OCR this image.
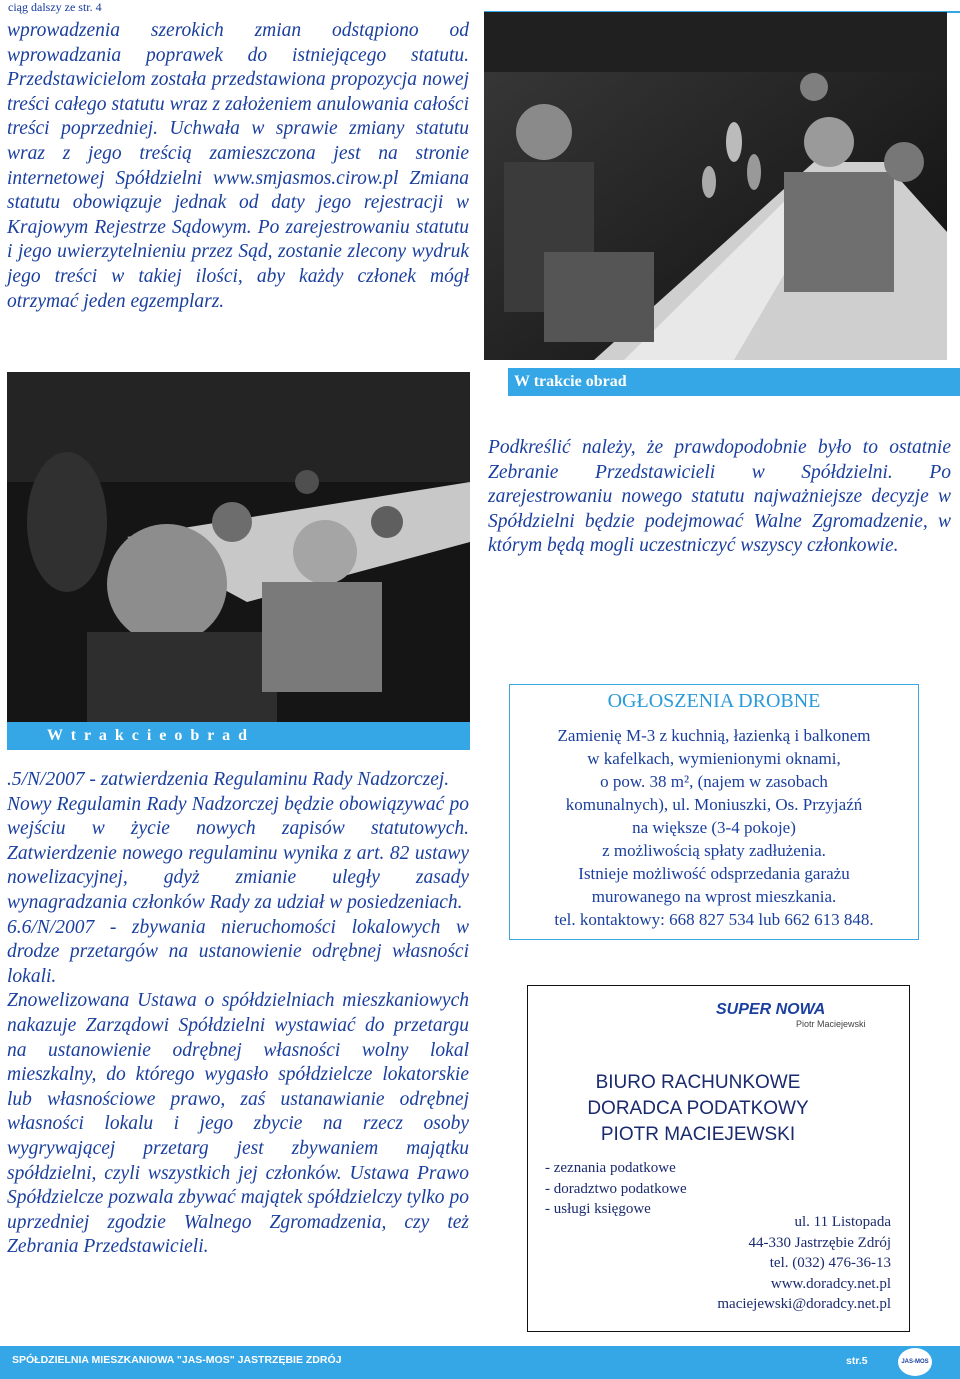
ciąg dalszy ze str. 4

wprowadzenia szerokich zmian odstąpiono od wprowadzania poprawek do istniejącego statutu. Przedstawicielom została przedstawiona propozycja nowej treści całego statutu wraz z założeniem anulowania całości treści poprzedniej. Uchwała w sprawie zmiany statutu wraz z jego treścią zamieszczona jest na stronie internetowej Spółdzielni www.smjasmos.cirow.pl Zmiana statutu obowiązuje jednak od daty jego rejestracji w Krajowym Rejestrze Sądowym. Po zarejestrowaniu statutu i jego uwierzytelnieniu przez Sąd, zostanie zlecony wydruk jego treści w takiej ilości, aby każdy członek mógł otrzymać jeden egzemplarz.

W trakcie obrad
W t r a k c i e o b r a d

Podkreślić należy, że prawdopodobnie było to ostatnie Zebranie Przedstawicieli w Spółdzielni. Po zarejestrowaniu nowego statutu najważniejsze decyzje w Spółdzielni będzie podejmować Walne Zgromadzenie, w którym będą mogli uczestniczyć wszyscy członkowie.

.5/N/2007 - zatwierdzenia Regulaminu Rady Nadzorczej.

Nowy Regulamin Rady Nadzorczej będzie obowiązywać po wejściu w życie nowych zapisów statutowych. Zatwierdzenie nowego regulaminu wynika z art. 82 ustawy nowelizacyjnej, gdyż zmianie uległy zasady wynagradzania członków Rady za udział w posiedzeniach.

6.6/N/2007 - zbywania nieruchomości lokalowych w drodze przetargów na ustanowienie odrębnej własności lokali.

Znowelizowana Ustawa o spółdzielniach mieszkaniowych nakazuje Zarządowi Spółdzielni wystawiać do przetargu na ustanowienie odrębnej własności wolny lokal mieszkalny, do którego wygasło spółdzielcze lokatorskie lub własnościowe prawo, zaś ustanawianie odrębnej własności lokalu i jego zbycie na rzecz osoby wygrywającej przetarg jest zbywaniem majątku spółdzielni, czyli wszystkich jej członków. Ustawa Prawo Spółdzielcze pozwala zbywać majątek spółdzielczy tylko po uprzedniej zgodzie Walnego Zgromadzenia, czy też Zebrania Przedstawicieli.

OGŁOSZENIA DROBNE
Zamienię M-3 z kuchnią, łazienką i balkonem
w kafelkach, wymienionymi oknami,
o pow. 38 m², (najem w zasobach
komunalnych), ul. Moniuszki, Os. Przyjaźń
na większe (3-4 pokoje)
z możliwością spłaty zadłużenia.
Istnieje możliwość odsprzedania garażu
murowanego na wprost mieszkania.
tel. kontaktowy: 668 827 534 lub 662 613 848.
SUPER NOWA
Piotr Maciejewski
BIURO RACHUNKOWE
DORADCA PODATKOWY
PIOTR MACIEJEWSKI
- zeznania podatkowe
- doradztwo podatkowe
- usługi księgowe
ul. 11 Listopada
44-330 Jastrzębie Zdrój
tel. (032) 476-36-13
www.doradcy.net.pl
maciejewski@doradcy.net.pl
SPÓŁDZIELNIA MIESZKANIOWA "JAS-MOS" JASTRZĘBIE ZDRÓJ	str.5	JAS-MOS
